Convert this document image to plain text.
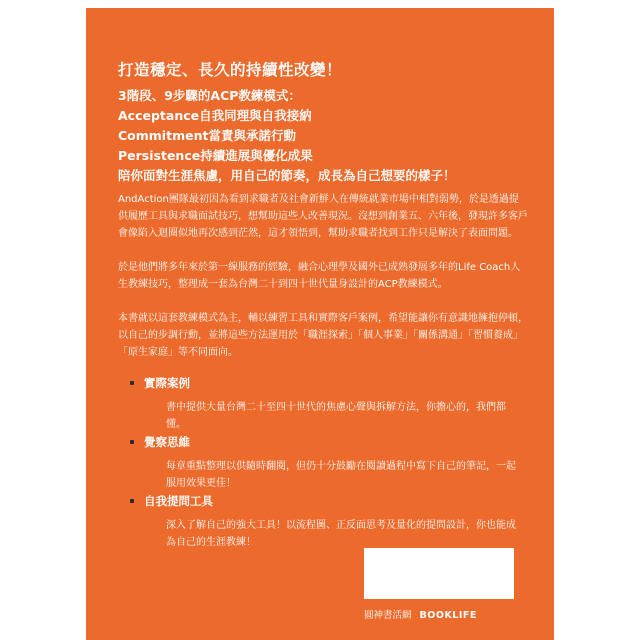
打造穩定、長久的持續性改變！
3階段、9步驟的ACP教練模式：
Acceptance自我同理與自我接納
Commitment當責與承諾行動
Persistence持續進展與優化成果
陪你面對生涯焦慮，用自己的節奏，成長為自己想要的樣子！

AndAction團隊最初因為看到求職者及社會新鮮人在傳統就業市場中相對弱勢，於是透過提供履歷工具與求職面試技巧，想幫助這些人改善現況。沒想到創業五、六年後，發現許多客戶會像陷入迴圈似地再次感到茫然，這才領悟到，幫助求職者找到工作只是解決了表面問題。

於是他們將多年來於第一線服務的經驗，融合心理學及國外已成熟發展多年的Life Coach人生教練技巧，整理成一套為台灣二十到四十世代量身設計的ACP教練模式。

本書就以這套教練模式為主，輔以練習工具和實際客戶案例，希望能讓你有意識地擁抱停頓，以自己的步調行動，並將這些方法運用於「職涯探索」「個人事業」「關係溝通」「習慣養成」「原生家庭」等不同面向。

實際案例
書中提供大量台灣二十至四十世代的焦慮心聲與拆解方法，你擔心的，我們都懂。
覺察思維
每章重點整理以供隨時翻閱，但仍十分鼓勵在閱讀過程中寫下自己的筆記，一起服用效果更佳！
自我提問工具
深入了解自己的強大工具！以流程圖、正反面思考及量化的提問設計，你也能成為自己的生涯教練！
圓神書活網 BOOKLIFE
